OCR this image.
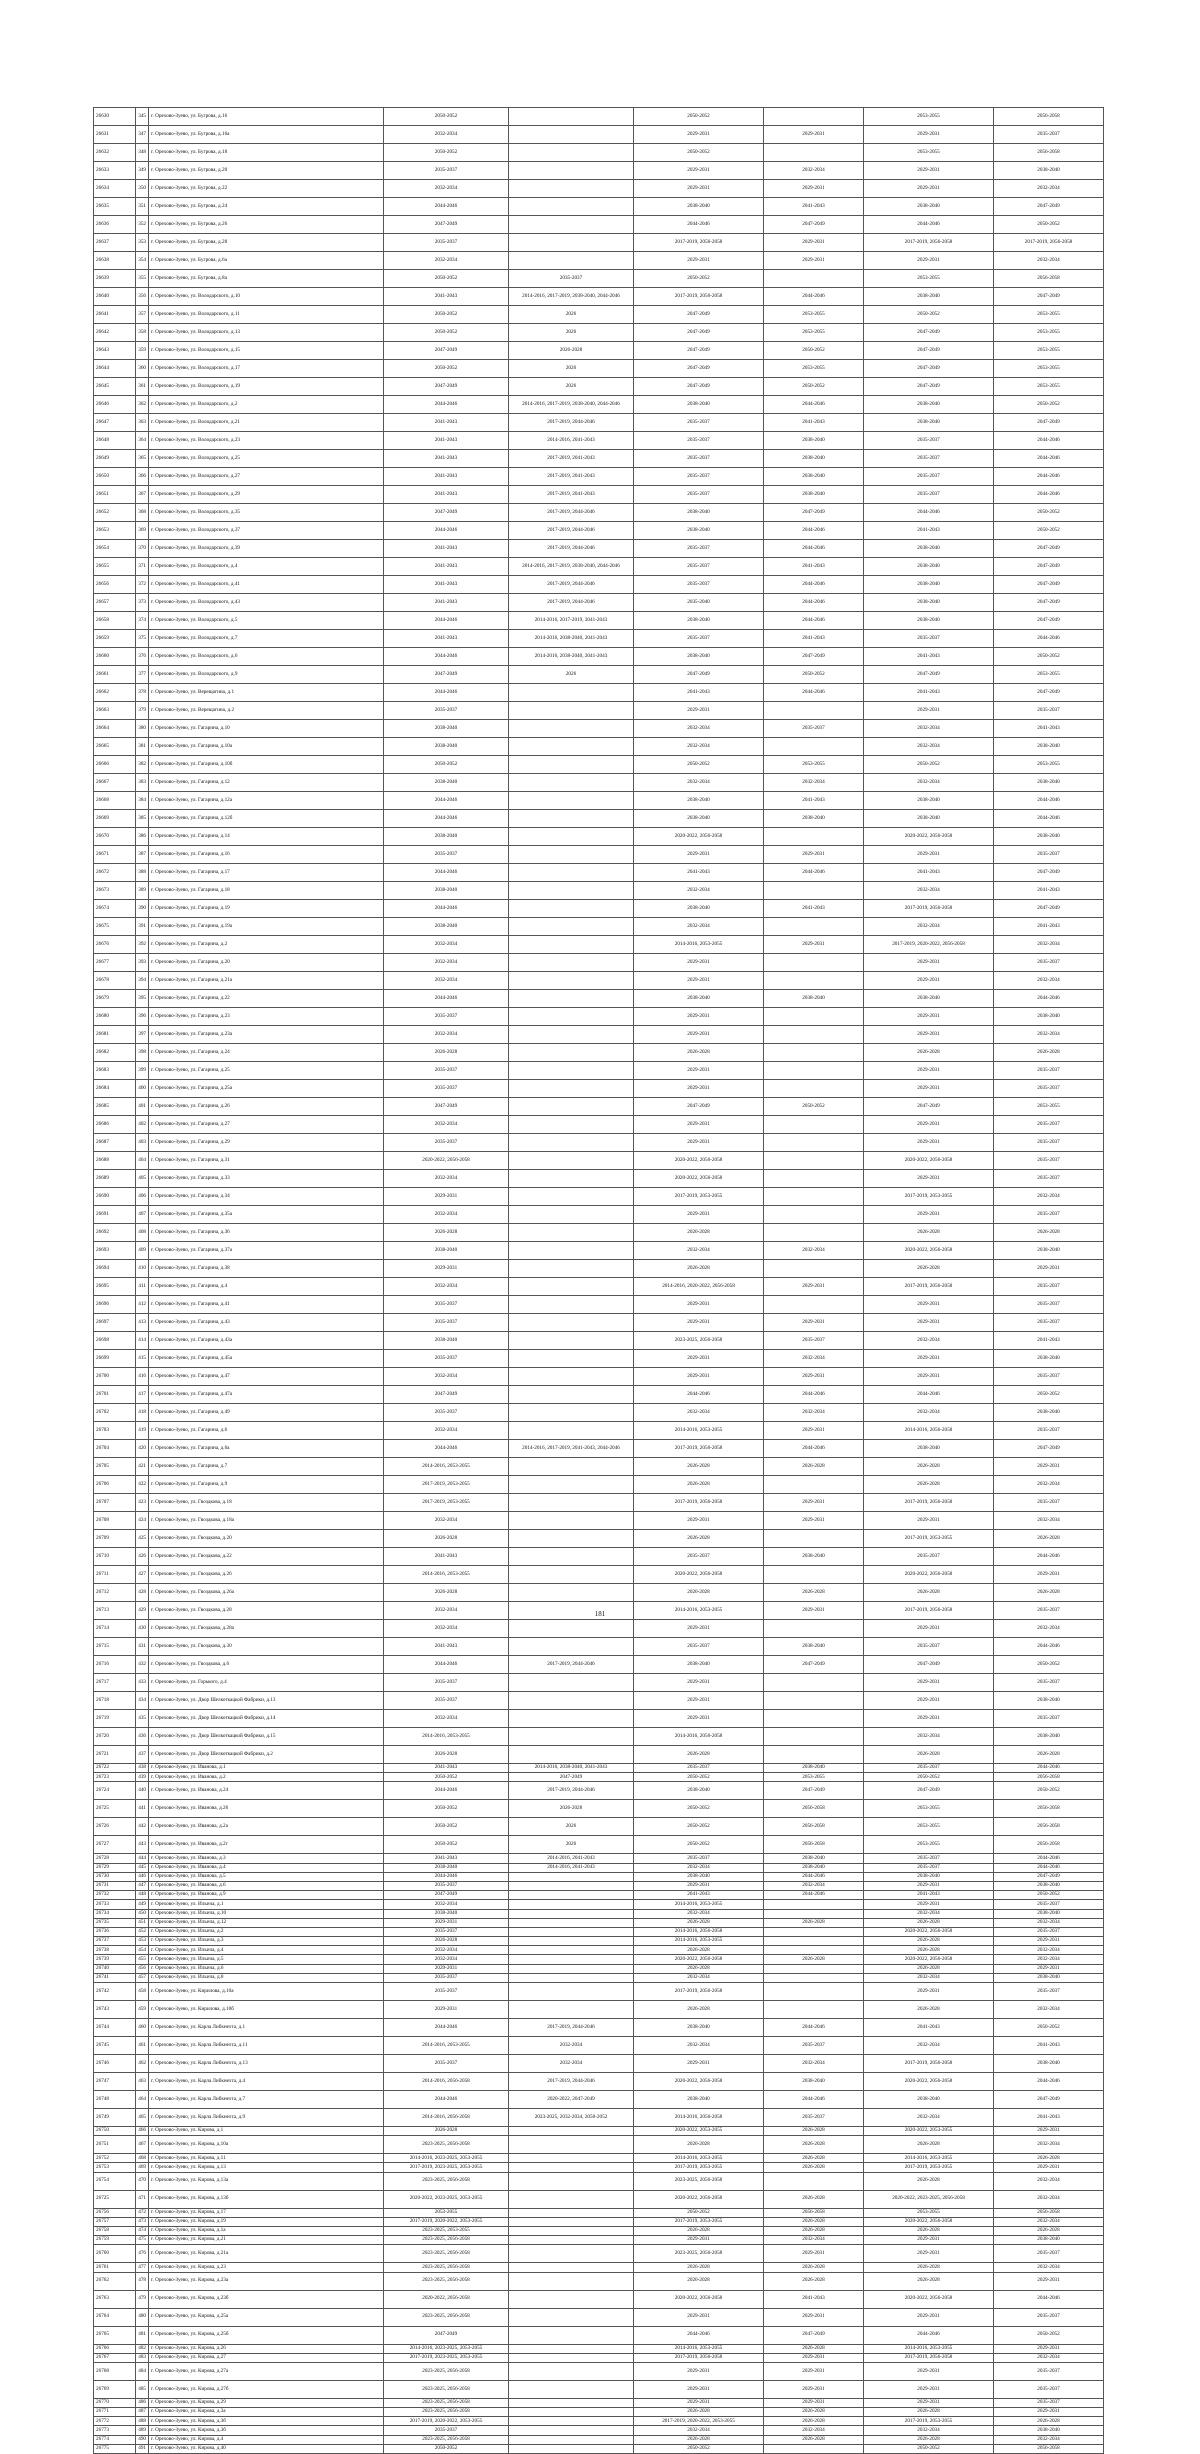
26630	345	г. Орехово-Зуево, ул. Бугрова, д.16	2050-2052		2050-2052		2053-2055	2056-2058
26631	347	г. Орехово-Зуево, ул. Бугрова, д.16а	2032-2034		2029-2031	2029-2031	2029-2031	2035-2037
26632	348	г. Орехово-Зуево, ул. Бугрова, д.18	2050-2052		2050-2052		2053-2055	2056-2058
26633	349	г. Орехово-Зуево, ул. Бугрова, д.20	2035-2037		2029-2031	2032-2034	2029-2031	2038-2040
26634	350	г. Орехово-Зуево, ул. Бугрова, д.22	2032-2034		2029-2031	2029-2031	2029-2031	2032-2034
26635	351	г. Орехово-Зуево, ул. Бугрова, д.24	2044-2046		2038-2040	2041-2043	2038-2040	2047-2049
26636	352	г. Орехово-Зуево, ул. Бугрова, д.26	2047-2049		2044-2046	2047-2049	2044-2046	2050-2052
26637	353	г. Орехово-Зуево, ул. Бугрова, д.28	2035-2037		2017-2019, 2056-2058	2029-2031	2017-2019, 2056-2058	2017-2019, 2056-2058
26638	354	г. Орехово-Зуево, ул. Бугрова, д.6а	2032-2034		2029-2031	2029-2031	2029-2031	2032-2034
26639	355	г. Орехово-Зуево, ул. Бугрова, д.8а	2050-2052	2035-2037	2050-2052		2053-2055	2056-2058
26640	356	г. Орехово-Зуево, ул. Володарского, д.10	2041-2043	2014-2016, 2017-2019, 2038-2040, 2044-2046	2017-2019, 2056-2058	2044-2046	2038-2040	2047-2049
26641	357	г. Орехово-Зуево, ул. Володарского, д.11	2050-2052	2026	2047-2049	2053-2055	2050-2052	2053-2055
26642	358	г. Орехово-Зуево, ул. Володарского, д.13	2050-2052	2026	2047-2049	2053-2055	2047-2049	2053-2055
26643	359	г. Орехово-Зуево, ул. Володарского, д.15	2047-2049	2026-2028	2047-2049	2050-2052	2047-2049	2053-2055
26644	360	г. Орехово-Зуево, ул. Володарского, д.17	2050-2052	2026	2047-2049	2053-2055	2047-2049	2053-2055
26645	361	г. Орехово-Зуево, ул. Володарского, д.19	2047-2049	2026	2047-2049	2050-2052	2047-2049	2053-2055
26646	362	г. Орехово-Зуево, ул. Володарского, д.2	2044-2046	2014-2016, 2017-2019, 2038-2040, 2044-2046	2038-2040	2044-2046	2038-2040	2050-2052
26647	363	г. Орехово-Зуево, ул. Володарского, д.21	2041-2043	2017-2019, 2044-2046	2035-2037	2041-2043	2038-2040	2047-2049
26648	364	г. Орехово-Зуево, ул. Володарского, д.23	2041-2043	2014-2016, 2041-2043	2035-2037	2038-2040	2035-2037	2044-2046
26649	365	г. Орехово-Зуево, ул. Володарского, д.25	2041-2043	2017-2019, 2041-2043	2035-2037	2038-2040	2035-2037	2044-2046
26650	366	г. Орехово-Зуево, ул. Володарского, д.27	2041-2043	2017-2019, 2041-2043	2035-2037	2038-2040	2035-2037	2044-2046
26651	367	г. Орехово-Зуево, ул. Володарского, д.29	2041-2043	2017-2019, 2041-2043	2035-2037	2038-2040	2035-2037	2044-2046
26652	368	г. Орехово-Зуево, ул. Володарского, д.35	2047-2049	2017-2019, 2044-2046	2038-2040	2047-2049	2044-2046	2050-2052
26653	369	г. Орехово-Зуево, ул. Володарского, д.37	2044-2046	2017-2019, 2044-2046	2038-2040	2044-2046	2041-2043	2050-2052
26654	370	г. Орехово-Зуево, ул. Володарского, д.39	2041-2043	2017-2019, 2044-2046	2035-2037	2044-2046	2038-2040	2047-2049
26655	371	г. Орехово-Зуево, ул. Володарского, д.4	2041-2043	2014-2016, 2017-2019, 2038-2040, 2044-2046	2035-2037	2041-2043	2038-2040	2047-2049
26656	372	г. Орехово-Зуево, ул. Володарского, д.41	2041-2043	2017-2019, 2044-2046	2035-2037	2044-2046	2038-2040	2047-2049
26657	373	г. Орехово-Зуево, ул. Володарского, д.43	2041-2043	2017-2019, 2044-2046	2035-2040	2044-2046	2038-2040	2047-2049
26658	374	г. Орехово-Зуево, ул. Володарского, д.5	2044-2046	2014-2016, 2017-2019, 2041-2043	2038-2040	2044-2046	2038-2040	2047-2049
26659	375	г. Орехово-Зуево, ул. Володарского, д.7	2041-2043	2014-2016, 2038-2040, 2041-2043	2035-2037	2041-2043	2035-2037	2044-2046
26660	376	г. Орехово-Зуево, ул. Володарского, д.6	2044-2046	2014-2016, 2038-2040, 2041-2043	2038-2040	2047-2049	2041-2043	2050-2052
26661	377	г. Орехово-Зуево, ул. Володарского, д.9	2047-2049	2026	2047-2049	2050-2052	2047-2049	2053-2055
26662	378	г. Орехово-Зуево, ул. Верещагина, д.1	2044-2046		2041-2043	2044-2046	2041-2043	2047-2049
26663	379	г. Орехово-Зуево, ул. Верещагина, д.2	2035-2037		2029-2031		2029-2031	2035-2037
26664	380	г. Орехово-Зуево, ул. Гагарина, д.10	2038-2040		2032-2034	2035-2037	2032-2034	2041-2043
26665	381	г. Орехово-Зуево, ул. Гагарина, д.10а	2038-2040		2032-2034		2032-2034	2038-2040
26666	382	г. Орехово-Зуево, ул. Гагарина, д.10б	2050-2052		2050-2052	2053-2055	2050-2052	2053-2055
26667	383	г. Орехово-Зуево, ул. Гагарина, д.12	2038-2040		2032-2034	2032-2034	2032-2034	2038-2040
26668	384	г. Орехово-Зуево, ул. Гагарина, д.12а	2044-2046		2038-2040	2041-2043	2038-2040	2044-2046
26669	385	г. Орехово-Зуево, ул. Гагарина, д.12б	2044-2046		2038-2040	2038-2040	2038-2040	2044-2046
26670	386	г. Орехово-Зуево, ул. Гагарина, д.14	2038-2040		2020-2022, 2056-2058		2020-2022, 2056-2058	2038-2040
26671	387	г. Орехово-Зуево, ул. Гагарина, д.16	2035-2037		2029-2031	2029-2031	2029-2031	2035-2037
26672	388	г. Орехово-Зуево, ул. Гагарина, д.17	2044-2046		2041-2043	2044-2046	2041-2043	2047-2049
26673	389	г. Орехово-Зуево, ул. Гагарина, д.18	2038-2040		2032-2034		2032-2034	2041-2043
26674	390	г. Орехово-Зуево, ул. Гагарина, д.19	2044-2046		2038-2040	2041-2043	2017-2019, 2056-2058	2047-2049
26675	391	г. Орехово-Зуево, ул. Гагарина, д.19а	2038-2040		2032-2034		2032-2034	2041-2043
26676	392	г. Орехово-Зуево, ул. Гагарина, д.2	2032-2034		2014-2016, 2053-2055	2029-2031	2017-2019, 2020-2022, 2056-2058	2032-2034
26677	393	г. Орехово-Зуево, ул. Гагарина, д.20	2032-2034		2029-2031		2029-2031	2035-2037
26678	394	г. Орехово-Зуево, ул. Гагарина, д.21а	2032-2034		2029-2031		2029-2031	2032-2034
26679	395	г. Орехово-Зуево, ул. Гагарина, д.22	2044-2046		2038-2040	2038-2040	2038-2040	2044-2046
26680	396	г. Орехово-Зуево, ул. Гагарина, д.23	2035-2037		2029-2031		2029-2031	2038-2040
26681	397	г. Орехово-Зуево, ул. Гагарина, д.23а	2032-2034		2029-2031		2029-2031	2032-2034
26682	398	г. Орехово-Зуево, ул. Гагарина, д.24	2026-2028		2026-2028		2026-2028	2026-2028
26683	399	г. Орехово-Зуево, ул. Гагарина, д.25	2035-2037		2029-2031		2029-2031	2035-2037
26684	400	г. Орехово-Зуево, ул. Гагарина, д.25а	2035-2037		2029-2031		2029-2031	2035-2037
26685	401	г. Орехово-Зуево, ул. Гагарина, д.26	2047-2049		2047-2049	2050-2052	2047-2049	2053-2055
26686	402	г. Орехово-Зуево, ул. Гагарина, д.27	2032-2034		2029-2031		2029-2031	2035-2037
26687	403	г. Орехово-Зуево, ул. Гагарина, д.29	2035-2037		2029-2031		2029-2031	2035-2037
26688	404	г. Орехово-Зуево, ул. Гагарина, д.31	2020-2022, 2056-2058		2020-2022, 2056-2058		2020-2022, 2056-2058	2035-2037
26689	405	г. Орехово-Зуево, ул. Гагарина, д.33	2032-2034		2020-2022, 2056-2058		2029-2031	2035-2037
26690	406	г. Орехово-Зуево, ул. Гагарина, д.34	2029-2031		2017-2019, 2053-2055		2017-2019, 2053-2055	2032-2034
26691	407	г. Орехово-Зуево, ул. Гагарина, д.35а	2032-2034		2029-2031		2029-2031	2035-2037
26692	408	г. Орехово-Зуево, ул. Гагарина, д.36	2026-2028		2026-2028		2026-2028	2026-2028
26693	409	г. Орехово-Зуево, ул. Гагарина, д.37а	2038-2040		2032-2034	2032-2034	2020-2022, 2056-2058	2038-2040
26694	410	г. Орехово-Зуево, ул. Гагарина, д.38	2029-2031		2026-2028		2026-2028	2029-2031
26695	411	г. Орехово-Зуево, ул. Гагарина, д.4	2032-2034		2014-2016, 2020-2022, 2056-2058	2029-2031	2017-2019, 2056-2058	2035-2037
26696	412	г. Орехово-Зуево, ул. Гагарина, д.41	2035-2037		2029-2031		2029-2031	2035-2037
26697	413	г. Орехово-Зуево, ул. Гагарина, д.43	2035-2037		2029-2031	2029-2031	2029-2031	2035-2037
26698	414	г. Орехово-Зуево, ул. Гагарина, д.43а	2038-2040		2023-2025, 2056-2058	2035-2037	2032-2034	2041-2043
26699	415	г. Орехово-Зуево, ул. Гагарина, д.45а	2035-2037		2029-2031	2032-2034	2029-2031	2038-2040
26700	416	г. Орехово-Зуево, ул. Гагарина, д.47	2032-2034		2029-2031	2029-2031	2029-2031	2035-2037
26701	417	г. Орехово-Зуево, ул. Гагарина, д.47а	2047-2049		2044-2046	2044-2046	2044-2046	2050-2052
26702	418	г. Орехово-Зуево, ул. Гагарина, д.49	2035-2037		2032-2034	2032-2034	2032-2034	2038-2040
26703	419	г. Орехово-Зуево, ул. Гагарина, д.6	2032-2034		2014-2016, 2053-2055	2029-2031	2014-2016, 2056-2058	2035-2037
26704	420	г. Орехово-Зуево, ул. Гагарина, д.6а	2044-2046	2014-2016, 2017-2019, 2041-2043, 2044-2046	2017-2019, 2056-2058	2044-2046	2038-2040	2047-2049
26705	421	г. Орехово-Зуево, ул. Гагарина, д.7	2014-2016, 2053-2055		2026-2028	2026-2028	2026-2028	2029-2031
26706	422	г. Орехово-Зуево, ул. Гагарина, д.9	2017-2019, 2053-2055		2026-2028		2026-2028	2032-2034
26707	423	г. Орехово-Зуево, ул. Гвоздкова, д.18	2017-2019, 2053-2055		2017-2019, 2056-2058	2029-2031	2017-2019, 2056-2058	2035-2037
26708	424	г. Орехово-Зуево, ул. Гвоздкова, д.18а	2032-2034		2029-2031	2029-2031	2029-2031	2032-2034
26709	425	г. Орехово-Зуево, ул. Гвоздкова, д.20	2026-2028		2026-2028		2017-2019, 2053-2055	2026-2028
26710	426	г. Орехово-Зуево, ул. Гвоздкова, д.22	2041-2043		2035-2037	2038-2040	2035-2037	2044-2046
26711	427	г. Орехово-Зуево, ул. Гвоздкова, д.26	2014-2016, 2053-2055		2020-2022, 2056-2058		2020-2022, 2056-2058	2029-2031
26712	428	г. Орехово-Зуево, ул. Гвоздкова, д.26а	2026-2028		2026-2028	2026-2028	2026-2028	2026-2028
26713	429	г. Орехово-Зуево, ул. Гвоздкова, д.28	2032-2034		2014-2016, 2053-2055	2029-2031	2017-2019, 2056-2058	2035-2037
26714	430	г. Орехово-Зуево, ул. Гвоздкова, д.28а	2032-2034		2029-2031		2029-2031	2032-2034
26715	431	г. Орехово-Зуево, ул. Гвоздкова, д.30	2041-2043		2035-2037	2038-2040	2035-2037	2044-2046
26716	432	г. Орехово-Зуево, ул. Гвоздкова, д.6	2044-2046	2017-2019, 2044-2046	2038-2040	2047-2049	2047-2049	2050-2052
26717	433	г. Орехово-Зуево, ул. Горького, д.4	2035-2037		2029-2031		2029-2031	2035-2037
26718	434	г. Орехово-Зуево, ул. Двор Шелкоткацкой Фабрики, д.13	2035-2037		2029-2031		2029-2031	2038-2040
26719	435	г. Орехово-Зуево, ул. Двор Шелкоткацкой Фабрики, д.14	2032-2034		2029-2031		2029-2031	2035-2037
26720	436	г. Орехово-Зуево, ул. Двор Шелкоткацкой Фабрики, д.15	2014-2016, 2053-2055		2014-2016, 2056-2058		2032-2034	2038-2040
26721	437	г. Орехово-Зуево, ул. Двор Шелкоткацкой Фабрики, д.2	2026-2028		2026-2028		2026-2028	2026-2028
26722	438	г. Орехово-Зуево, ул. Иванова, д.1	2041-2043	2014-2016, 2038-2040, 2041-2043	2035-2037	2038-2040	2035-2037	2044-2046
26723	439	г. Орехово-Зуево, ул. Иванова, д.2	2050-2052	2047-2049	2050-2052	2053-2055	2050-2052	2056-2058
26724	440	г. Орехово-Зуево, ул. Иванова, д.24	2044-2046	2017-2019, 2044-2046	2038-2040	2047-2049	2047-2049	2050-2052
26725	441	г. Орехово-Зуево, ул. Иванова, д.26	2050-2052	2026-2028	2050-2052	2056-2058	2053-2055	2056-2058
26726	442	г. Орехово-Зуево, ул. Иванова, д.2а	2050-2052	2026	2050-2052	2056-2058	2053-2055	2056-2058
26727	443	г. Орехово-Зуево, ул. Иванова, д.2г	2050-2052	2026	2050-2052	2056-2058	2053-2055	2056-2058
26728	444	г. Орехово-Зуево, ул. Иванова, д.3	2041-2043	2014-2016, 2041-2043	2035-2037	2038-2040	2035-2037	2044-2046
26729	445	г. Орехово-Зуево, ул. Иванова, д.4	2038-2040	2014-2016, 2041-2043	2032-2034	2038-2040	2035-2037	2044-2046
26730	446	г. Орехово-Зуево, ул. Иванова, д.5	2044-2046		2038-2040	2044-2046	2038-2040	2047-2049
26731	447	г. Орехово-Зуево, ул. Иванова, д.6	2035-2037		2029-2031	2032-2034	2029-2031	2038-2040
26732	448	г. Орехово-Зуево, ул. Иванова, д.9	2047-2049		2041-2043	2044-2046	2041-2043	2050-2052
26733	449	г. Орехово-Зуево, ул. Ильича, д.1	2032-2034		2014-2016, 2053-2055		2029-2031	2035-2037
26734	450	г. Орехово-Зуево, ул. Ильича, д.10	2038-2040		2032-2034		2032-2034	2038-2040
26735	451	г. Орехово-Зуево, ул. Ильича, д.12	2029-2031		2026-2028	2026-2028	2026-2028	2032-2034
26736	452	г. Орехово-Зуево, ул. Ильича, д.2	2035-2037		2014-2016, 2056-2058		2020-2022, 2056-2058	2035-2037
26737	453	г. Орехово-Зуево, ул. Ильича, д.3	2026-2028		2014-2016, 2053-2055		2026-2028	2029-2031
26738	454	г. Орехово-Зуево, ул. Ильича, д.4	2032-2034		2026-2028		2026-2028	2032-2034
26739	455	г. Орехово-Зуево, ул. Ильича, д.5	2032-2034		2020-2022, 2056-2058	2026-2028	2020-2022, 2056-2058	2032-2034
26740	456	г. Орехово-Зуево, ул. Ильича, д.6	2029-2031		2026-2028		2026-2028	2029-2031
26741	457	г. Орехово-Зуево, ул. Ильича, д.8	2035-2037		2032-2034		2032-2034	2038-2040
26742	458	г. Орехово-Зуево, ул. Кирилова, д.10а	2035-2037		2017-2019, 2056-2058		2029-2031	2035-2037
26743	459	г. Орехово-Зуево, ул. Кирилова, д.10б	2029-2031		2026-2028		2026-2028	2032-2034
26744	460	г. Орехово-Зуево, ул. Карла Либкнехта, д.1	2044-2046	2017-2019, 2044-2046	2038-2040	2044-2046	2041-2043	2050-2052
26745	461	г. Орехово-Зуево, ул. Карла Либкнехта, д.11	2014-2016, 2053-2055	2032-2034	2032-2034	2035-2037	2032-2034	2041-2043
26746	462	г. Орехово-Зуево, ул. Карла Либкнехта, д.13	2035-2037	2032-2034	2029-2031	2032-2034	2017-2019, 2056-2058	2038-2040
26747	463	г. Орехово-Зуево, ул. Карла Либкнехта, д.4	2014-2016, 2056-2058	2017-2019, 2044-2046	2020-2022, 2056-2058	2038-2040	2020-2022, 2056-2058	2044-2046
26748	464	г. Орехово-Зуево, ул. Карла Либкнехта, д.7	2044-2046	2020-2022, 2047-2049	2038-2040	2044-2046	2038-2040	2047-2049
26749	465	г. Орехово-Зуево, ул. Карла Либкнехта, д.9	2014-2016, 2056-2058	2023-2025, 2032-2034, 2050-2052	2014-2016, 2056-2058	2035-2037	2032-2034	2041-2043
26750	466	г. Орехово-Зуево, ул. Кирова, д.1	2026-2028		2020-2022, 2053-2055	2026-2028	2020-2022, 2053-2055	2029-2031
26751	467	г. Орехово-Зуево, ул. Кирова, д.10а	2023-2025, 2056-2058		2026-2028	2026-2028	2026-2028	2032-2034
26752	468	г. Орехово-Зуево, ул. Кирова, д.11	2014-2016, 2023-2025, 2053-2055		2014-2016, 2053-2055	2026-2028	2014-2016, 2053-2055	2026-2028
26753	469	г. Орехово-Зуево, ул. Кирова, д.13	2017-2019, 2023-2025, 2053-2055		2017-2019, 2053-2055	2026-2028	2017-2019, 2053-2055	2029-2031
26754	470	г. Орехово-Зуево, ул. Кирова, д.13а	2023-2025, 2056-2058		2023-2025, 2056-2058		2026-2028	2032-2034
26725	471	г. Орехово-Зуево, ул. Кирова, д.13б	2020-2022, 2023-2025, 2053-2055		2020-2022, 2056-2058	2026-2028	2020-2022, 2023-2025, 2056-2058	2032-2034
26756	472	г. Орехово-Зуево, ул. Кирова, д.17	2053-2055		2050-2052	2056-2058	2053-2055	2056-2058
26757	473	г. Орехово-Зуево, ул. Кирова, д.19	2017-2019, 2020-2022, 2053-2055		2017-2019, 2053-2055	2026-2028	2020-2022, 2056-2058	2032-2034
26758	474	г. Орехово-Зуево, ул. Кирова, д.1а	2023-2025, 2053-2055		2026-2028	2026-2028	2026-2028	2026-2028
26759	475	г. Орехово-Зуево, ул. Кирова, д.21	2023-2025, 2056-2058		2029-2031	2032-2034	2029-2031	2038-2040
26760	476	г. Орехово-Зуево, ул. Кирова, д.21а	2023-2025, 2056-2058		2023-2025, 2056-2058	2029-2031	2029-2031	2035-2037
26761	477	г. Орехово-Зуево, ул. Кирова, д.23	2023-2025, 2056-2058		2026-2028	2026-2028	2026-2028	2032-2034
26762	478	г. Орехово-Зуево, ул. Кирова, д.23а	2023-2025, 2056-2058		2026-2028	2026-2028	2026-2028	2029-2031
26763	479	г. Орехово-Зуево, ул. Кирова, д.23б	2020-2022, 2056-2058		2020-2022, 2056-2058	2041-2043	2020-2022, 2056-2058	2044-2046
26764	480	г. Орехово-Зуево, ул. Кирова, д.25а	2023-2025, 2056-2058		2029-2031	2029-2031	2029-2031	2035-2037
26765	481	г. Орехово-Зуево, ул. Кирова, д.25б	2047-2049		2044-2046	2047-2049	2044-2046	2050-2052
26766	482	г. Орехово-Зуево, ул. Кирова, д.26	2014-2016, 2023-2025, 2053-2055		2014-2016, 2053-2055	2026-2028	2014-2016, 2053-2055	2029-2031
26767	483	г. Орехово-Зуево, ул. Кирова, д.27	2017-2019, 2023-2025, 2053-2055		2017-2019, 2056-2058	2029-2031	2017-2019, 2056-2058	2032-2034
26768	484	г. Орехово-Зуево, ул. Кирова, д.27а	2023-2025, 2056-2058		2029-2031	2029-2031	2029-2031	2035-2037
26769	485	г. Орехово-Зуево, ул. Кирова, д.27б	2023-2025, 2056-2058		2029-2031	2029-2031	2029-2031	2035-2037
26770	486	г. Орехово-Зуево, ул. Кирова, д.29	2023-2025, 2056-2058		2029-2031	2029-2031	2029-2031	2035-2037
26771	487	г. Орехово-Зуево, ул. Кирова, д.3а	2023-2025, 2056-2058		2026-2028	2026-2028	2026-2028	2029-2031
26772	488	г. Орехово-Зуево, ул. Кирова, д.3б	2017-2019, 2020-2022, 2053-2055		2017-2019, 2020-2022, 2053-2055	2026-2028	2017-2019, 2053-2055	2026-2028
26773	489	г. Орехово-Зуево, ул. Кирова, д.3б	2035-2037		2032-2034	2032-2034	2032-2034	2038-2040
26774	490	г. Орехово-Зуево, ул. Кирова, д.4	2023-2025, 2056-2058		2026-2028	2026-2028	2026-2028	2032-2034
26775	491	г. Орехово-Зуево, ул. Кирова, д.40	2050-2052		2050-2052		2050-2052	2056-2058
181
